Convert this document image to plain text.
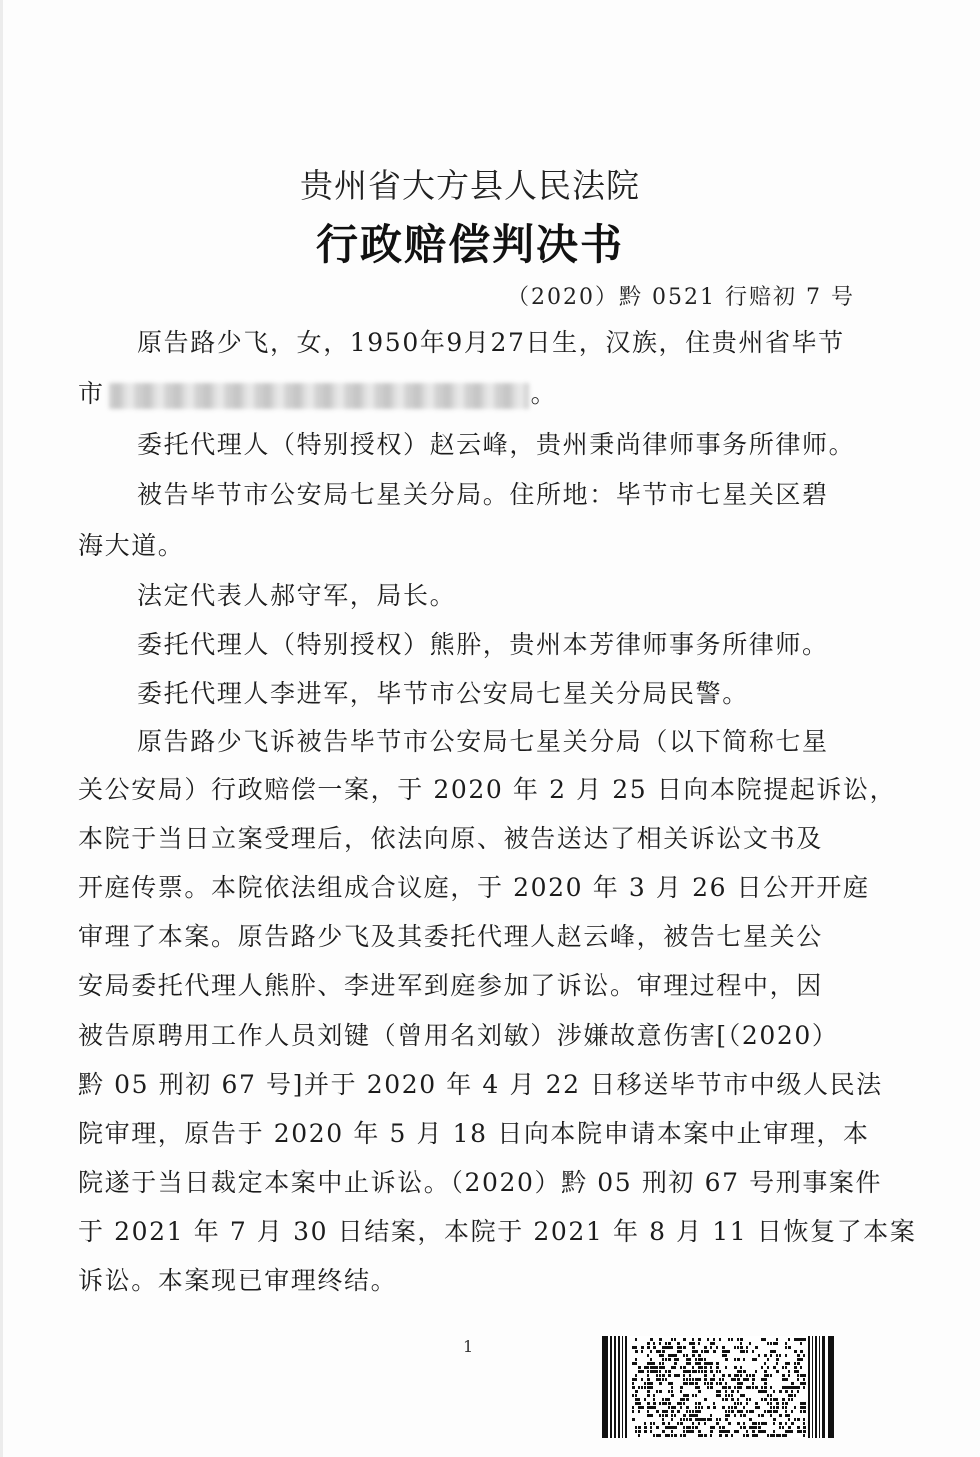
贵州省大方县人民法院
行政赔偿判决书
（2020）黔 0521 行赔初 7 号
原告路少飞，女，1950年9月27日生，汉族，住贵州省毕节
市	。
委托代理人（特别授权）赵云峰，贵州秉尚律师事务所律师。
被告毕节市公安局七星关分局。住所地：毕节市七星关区碧
海大道。
法定代表人郝守军，局长。
委托代理人（特别授权）熊肸，贵州本芳律师事务所律师。
委托代理人李进军，毕节市公安局七星关分局民警。
原告路少飞诉被告毕节市公安局七星关分局（以下简称七星
关公安局）行政赔偿一案，于 2020 年 2 月 25 日向本院提起诉讼，
本院于当日立案受理后，依法向原、被告送达了相关诉讼文书及
开庭传票。本院依法组成合议庭，于 2020 年 3 月 26 日公开开庭
审理了本案。原告路少飞及其委托代理人赵云峰，被告七星关公
安局委托代理人熊肸、李进军到庭参加了诉讼。审理过程中，因
被告原聘用工作人员刘键（曾用名刘敏）涉嫌故意伤害[（2020）
黔 05 刑初 67 号]并于 2020 年 4 月 22 日移送毕节市中级人民法
院审理，原告于 2020 年 5 月 18 日向本院申请本案中止审理，本
院遂于当日裁定本案中止诉讼。（2020）黔 05 刑初 67 号刑事案件
于 2021 年 7 月 30 日结案，本院于 2021 年 8 月 11 日恢复了本案
诉讼。本案现已审理终结。
1
